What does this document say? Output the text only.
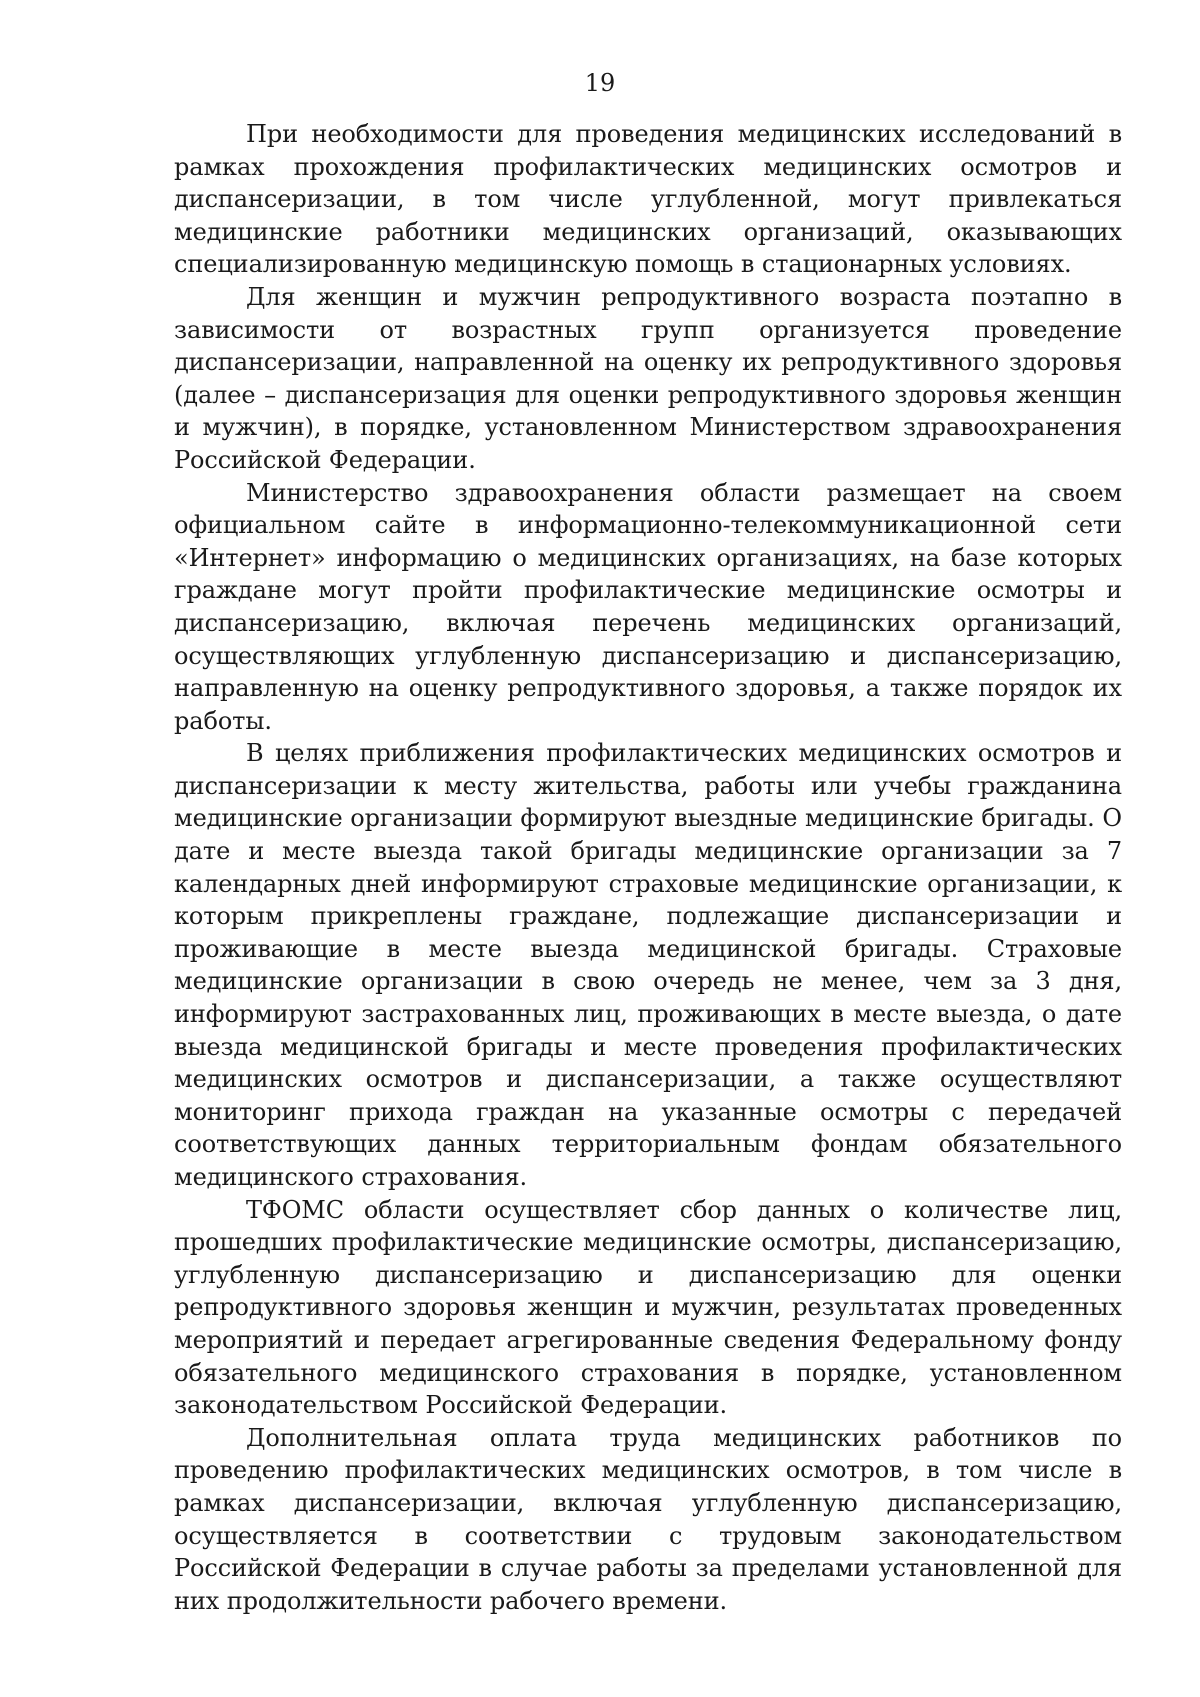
19

При необходимости для проведения медицинских исследований в рамках прохождения профилактических медицинских осмотров и диспансеризации, в том числе углубленной, могут привлекаться медицинские работники медицинских организаций, оказывающих специализированную медицинскую помощь в стационарных условиях.

Для женщин и мужчин репродуктивного возраста поэтапно в зависимости от возрастных групп организуется проведение диспансеризации, направленной на оценку их репродуктивного здоровья (далее – диспансеризация для оценки репродуктивного здоровья женщин и мужчин), в порядке, установленном Министерством здравоохранения Российской Федерации.

Министерство здравоохранения области размещает на своем официальном сайте в информационно-телекоммуникационной сети «Интернет» информацию о медицинских организациях, на базе которых граждане могут пройти профилактические медицинские осмотры и диспансеризацию, включая перечень медицинских организаций, осуществляющих углубленную диспансеризацию и диспансеризацию, направленную на оценку репродуктивного здоровья, а также порядок их работы.

В целях приближения профилактических медицинских осмотров и диспансеризации к месту жительства, работы или учебы гражданина медицинские организации формируют выездные медицинские бригады. О дате и месте выезда такой бригады медицинские организации за 7 календарных дней информируют страховые медицинские организации, к которым прикреплены граждане, подлежащие диспансеризации и проживающие в месте выезда медицинской бригады. Страховые медицинские организации в свою очередь не менее, чем за 3 дня, информируют застрахованных лиц, проживающих в месте выезда, о дате выезда медицинской бригады и месте проведения профилактических медицинских осмотров и диспансеризации, а также осуществляют мониторинг прихода граждан на указанные осмотры с передачей соответствующих данных территориальным фондам обязательного медицинского страхования.

ТФОМС области осуществляет сбор данных о количестве лиц, прошедших профилактические медицинские осмотры, диспансеризацию, углубленную диспансеризацию и диспансеризацию для оценки репродуктивного здоровья женщин и мужчин, результатах проведенных мероприятий и передает агрегированные сведения Федеральному фонду обязательного медицинского страхования в порядке, установленном законодательством Российской Федерации.

Дополнительная оплата труда медицинских работников по проведению профилактических медицинских осмотров, в том числе в рамках диспансеризации, включая углубленную диспансеризацию, осуществляется в соответствии с трудовым законодательством Российской Федерации в случае работы за пределами установленной для них продолжительности рабочего времени.
